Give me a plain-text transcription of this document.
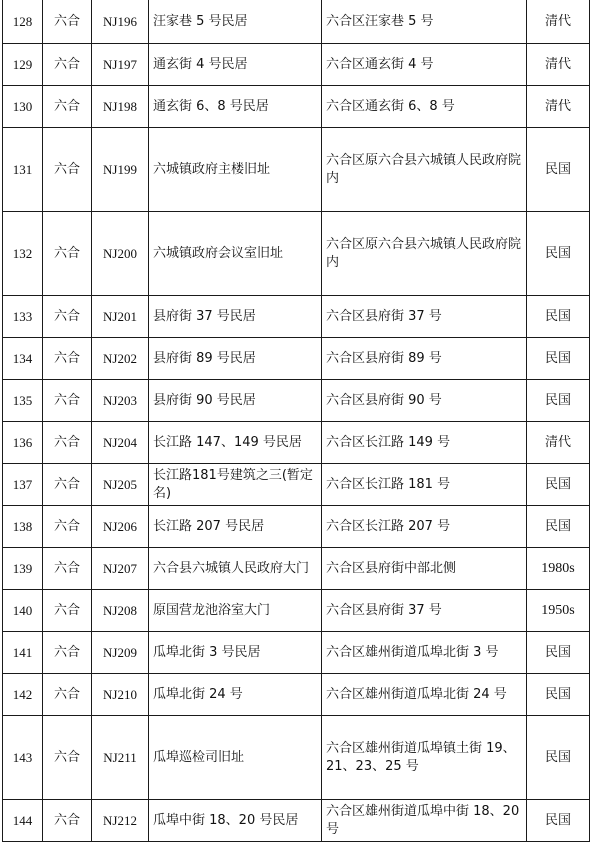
128	六合	NJ196	汪家巷 5 号民居	六合区汪家巷 5 号	清代
129	六合	NJ197	通玄街 4 号民居	六合区通玄街 4 号	清代
130	六合	NJ198	通玄街 6、8 号民居	六合区通玄街 6、8 号	清代
131	六合	NJ199	六城镇政府主楼旧址	六合区原六合县六城镇人民政府院内	民国
132	六合	NJ200	六城镇政府会议室旧址	六合区原六合县六城镇人民政府院内	民国
133	六合	NJ201	县府街 37 号民居	六合区县府街 37 号	民国
134	六合	NJ202	县府街 89 号民居	六合区县府街 89 号	民国
135	六合	NJ203	县府街 90 号民居	六合区县府街 90 号	民国
136	六合	NJ204	长江路 147、149 号民居	六合区长江路 149 号	清代
137	六合	NJ205	长江路181号建筑之三(暂定名)	六合区长江路 181 号	民国
138	六合	NJ206	长江路 207 号民居	六合区长江路 207 号	民国
139	六合	NJ207	六合县六城镇人民政府大门	六合区县府街中部北侧	1980s
140	六合	NJ208	原国营龙池浴室大门	六合区县府街 37 号	1950s
141	六合	NJ209	瓜埠北街 3 号民居	六合区雄州街道瓜埠北街 3 号	民国
142	六合	NJ210	瓜埠北街 24 号	六合区雄州街道瓜埠北街 24 号	民国
143	六合	NJ211	瓜埠巡检司旧址	六合区雄州街道瓜埠镇土街 19、21、23、25 号	民国
144	六合	NJ212	瓜埠中街 18、20 号民居	六合区雄州街道瓜埠中街 18、20 号	民国
